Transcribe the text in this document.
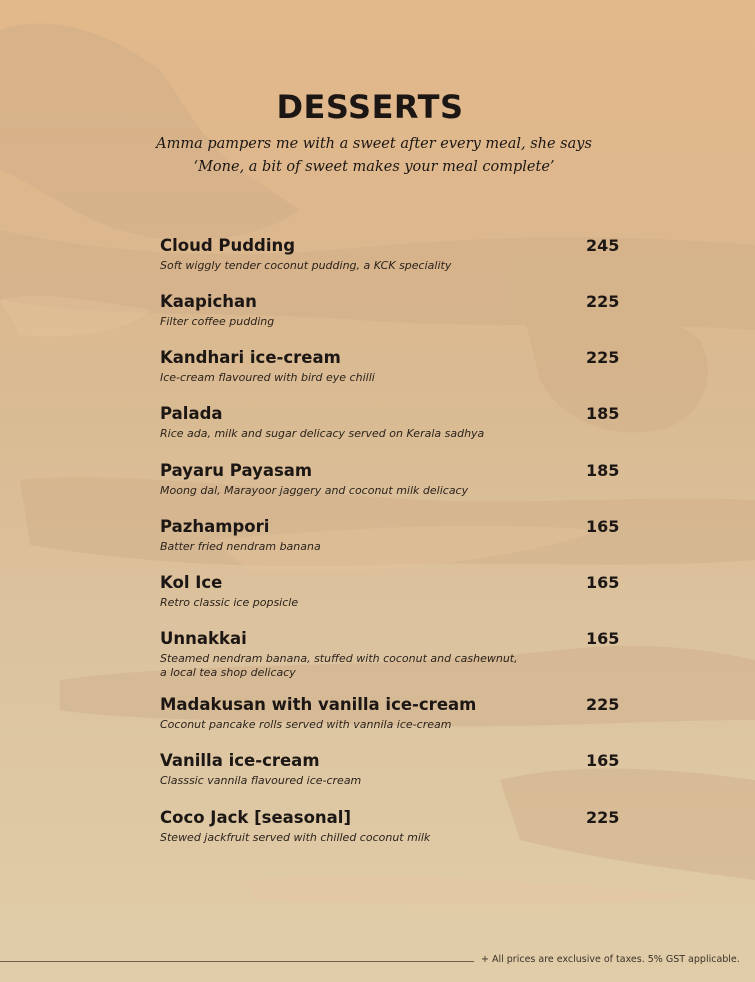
DESSERTS
Amma pampers me with a sweet after every meal, she says
‘Mone, a bit of sweet makes your meal complete’
Cloud Pudding	245
Soft wiggly tender coconut pudding, a KCK speciality
Kaapichan	225
Filter coffee pudding
Kandhari ice-cream	225
Ice-cream flavoured with bird eye chilli
Palada	185
Rice ada, milk and sugar delicacy served on Kerala sadhya
Payaru Payasam	185
Moong dal, Marayoor jaggery and coconut milk delicacy
Pazhampori	165
Batter fried nendram banana
Kol Ice	165
Retro classic ice popsicle
Unnakkai	165
Steamed nendram banana, stuffed with coconut and cashewnut,
a local tea shop delicacy
Madakusan with vanilla ice-cream	225
Coconut pancake rolls served with vannila ice-cream
Vanilla ice-cream	165
Classsic vannila flavoured ice-cream
Coco Jack [seasonal]	225
Stewed jackfruit served with chilled coconut milk
+ All prices are exclusive of taxes. 5% GST applicable.
